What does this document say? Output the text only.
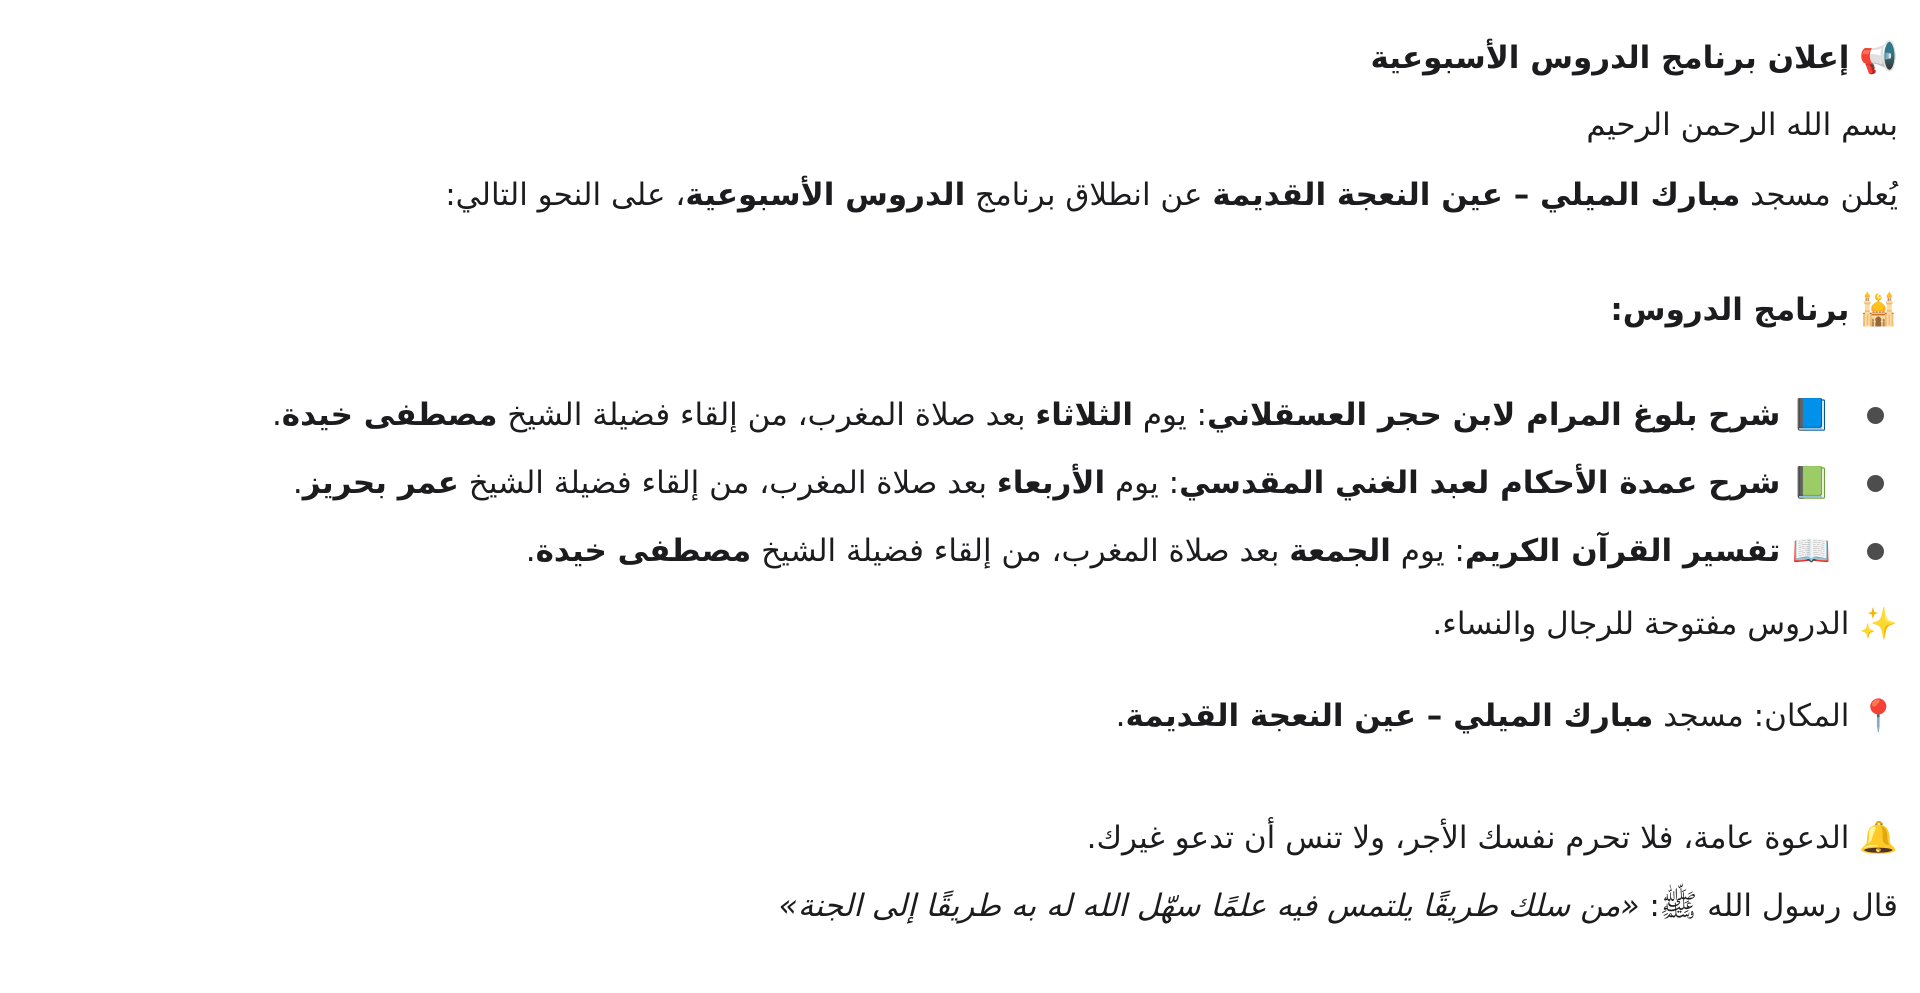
📢إعلان برنامج الدروس الأسبوعية
بسم الله الرحمن الرحيم
يُعلن مسجد مبارك الميلي – عين النعجة القديمة عن انطلاق برنامج الدروس الأسبوعية، على النحو التالي:
🕌برنامج الدروس:
📘
شرح بلوغ المرام لابن حجر العسقلاني: يوم الثلاثاء بعد صلاة المغرب، من إلقاء فضيلة الشيخ مصطفى خيدة.
📗
شرح عمدة الأحكام لعبد الغني المقدسي: يوم الأربعاء بعد صلاة المغرب، من إلقاء فضيلة الشيخ عمر بحريز.
📖
تفسير القرآن الكريم: يوم الجمعة بعد صلاة المغرب، من إلقاء فضيلة الشيخ مصطفى خيدة.
✨الدروس مفتوحة للرجال والنساء.
📍المكان: مسجد مبارك الميلي – عين النعجة القديمة.
🔔الدعوة عامة، فلا تحرم نفسك الأجر، ولا تنس أن تدعو غيرك.
قال رسول الله ﷺ: «من سلك طريقًا يلتمس فيه علمًا سهّل الله له به طريقًا إلى الجنة»
